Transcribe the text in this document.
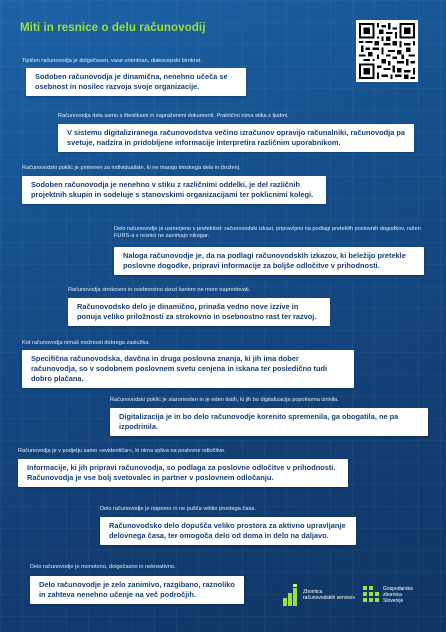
Miti in resnice o delu računovodij
Tipičen računovodja je dolgočasen, vase orientiran, diakocepski birokrat.
Sodoben računovodja je dinamična, nenehno učeča se osebnost in nosilec razvoja svoje organizacije.
Računovodja dela samo s številkami in zapraženimi dokumenti. Praktično nima stika z ljudmi.
V sistemu digitaliziranega računovodstva večino izračunov opravijo računalniki, računovodja pa svetuje, nadzira in pridobljene informacije interpretira različnim uporabnikom.
Računovodski poklic je primeren za individualiste, ki ne marajo timskega dela in druženj.
Sodoben računovodja je nenehno v stiku z različnimi oddelki, je del različnih projektnih skupin in sodeluje s stanovskimi organizacijami ter poklicnimi kolegi.
Delo računovodje je usmerjeno v preteklost: računovodski izkazi, pripravljeni na podlagi preteklih poslovnih dogodkov, ražen FURS-a v resnici ne zanimajo nikogar.
Naloga računovodje je, da na podlagi računovodskih izkazov, ki beležijo pretekle poslovne dogodke, pripravi informacije za boljše odločitve v prihodnosti.
Računovodja strokovno in osebnostno skozi kariero ne more napredovati.
Računovodsko delo je dinamično, prinaša vedno nove izzive in ponuja veliko priložnosti za strokovno in osebnostno rast ter razvoj.
Kot računovodja nimaš možnosti dobrega zaslužka.
Specifična računovodska, davčna in druga poslovna znanja, ki jih ima dober računovodja, so v sodobnem poslovnem svetu cenjena in iskana ter posledično tudi dobro plačana.
Računovodski poklic je staromoden in je eden tistih, ki jih bo digitalizacija popolnoma izrinila.
Digitalizacija je in bo delo računovodje korenito spremenila, ga obogatila, ne pa izpodrinila.
Računovodja je v podjetju samo »evidentičar«, ki nima vpliva na poslovne odločitve.
Informacije, ki jih pripravi računovodja, so podlaga za poslovne odločitve v prihodnosti. Računovodja je vse bolj svetovalec in partner v poslovnem odločanju.
Delo računovodje je naporno in ne pušča veliko prostega časa.
Računovodsko delo dopušča veliko prostora za aktivno upravljanje delovnega časa, ter omogoča delo od doma in delo na daljavo.
Delo računovodje je monotono, dolgočasno in nekreativno.
Delo računovodje je zelo zanimivo, razgibano, raznoliko in zahteva nenehno učenje na več področjih.	Zbornica
računovodskih servisov
Gospodarska
zbornica
Slovenije
